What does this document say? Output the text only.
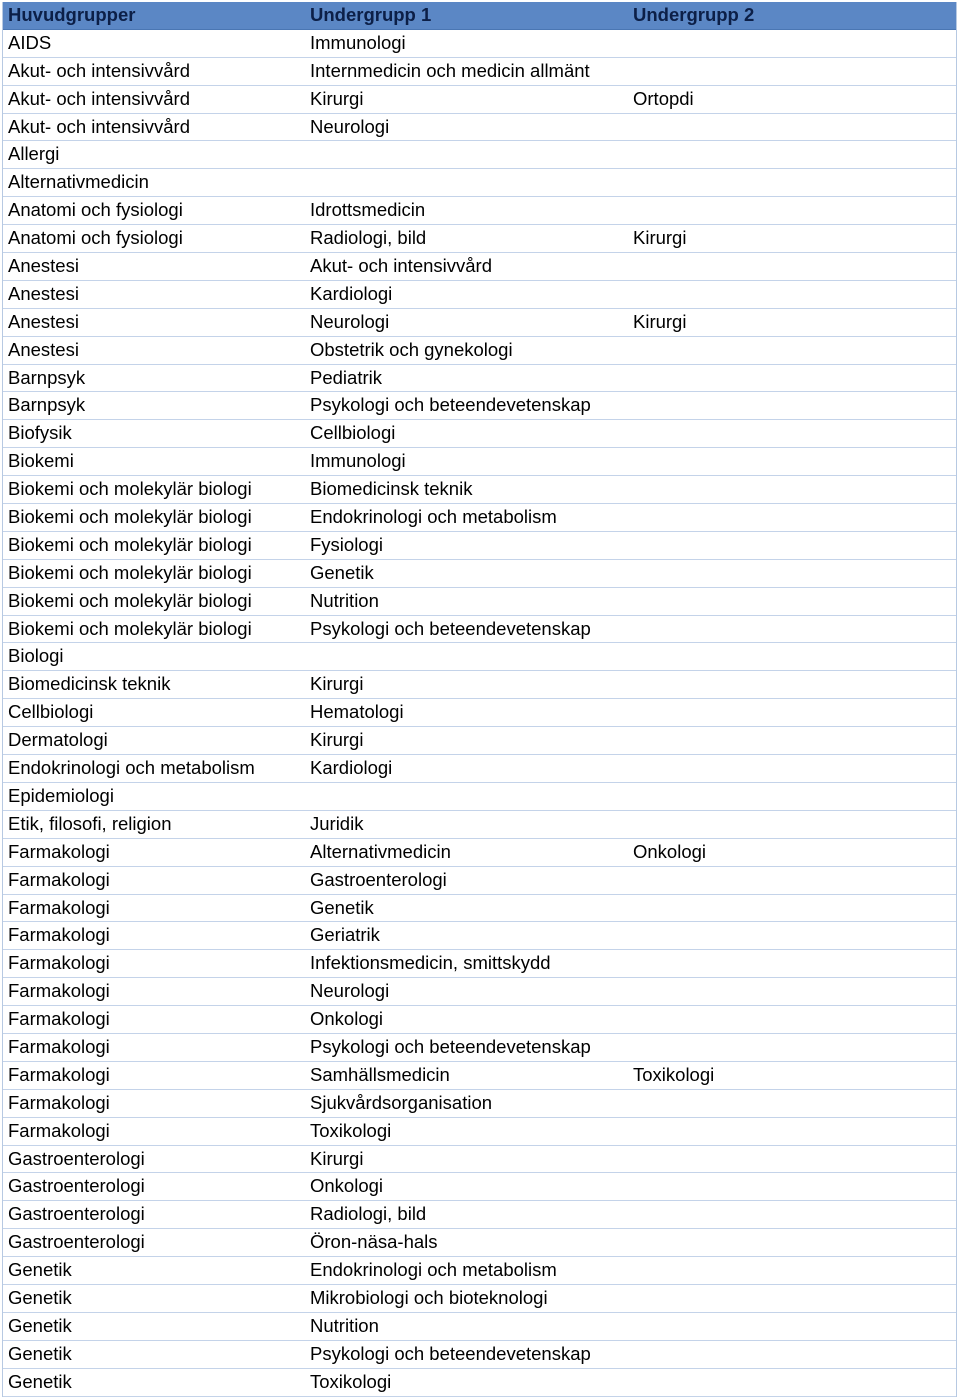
Huvudgrupper	Undergrupp 1	Undergrupp 2
AIDS	Immunologi
Akut- och intensivvård	Internmedicin och medicin allmänt
Akut- och intensivvård	Kirurgi	Ortopdi
Akut- och intensivvård	Neurologi
Allergi
Alternativmedicin
Anatomi och fysiologi	Idrottsmedicin
Anatomi och fysiologi	Radiologi, bild	Kirurgi
Anestesi	Akut- och intensivvård
Anestesi	Kardiologi
Anestesi	Neurologi	Kirurgi
Anestesi	Obstetrik och gynekologi
Barnpsyk	Pediatrik
Barnpsyk	Psykologi och beteendevetenskap
Biofysik	Cellbiologi
Biokemi	Immunologi
Biokemi och molekylär biologi	Biomedicinsk teknik
Biokemi och molekylär biologi	Endokrinologi och metabolism
Biokemi och molekylär biologi	Fysiologi
Biokemi och molekylär biologi	Genetik
Biokemi och molekylär biologi	Nutrition
Biokemi och molekylär biologi	Psykologi och beteendevetenskap
Biologi
Biomedicinsk teknik	Kirurgi
Cellbiologi	Hematologi
Dermatologi	Kirurgi
Endokrinologi och metabolism	Kardiologi
Epidemiologi
Etik, filosofi, religion	Juridik
Farmakologi	Alternativmedicin	Onkologi
Farmakologi	Gastroenterologi
Farmakologi	Genetik
Farmakologi	Geriatrik
Farmakologi	Infektionsmedicin, smittskydd
Farmakologi	Neurologi
Farmakologi	Onkologi
Farmakologi	Psykologi och beteendevetenskap
Farmakologi	Samhällsmedicin	Toxikologi
Farmakologi	Sjukvårdsorganisation
Farmakologi	Toxikologi
Gastroenterologi	Kirurgi
Gastroenterologi	Onkologi
Gastroenterologi	Radiologi, bild
Gastroenterologi	Öron-näsa-hals
Genetik	Endokrinologi och metabolism
Genetik	Mikrobiologi och bioteknologi
Genetik	Nutrition
Genetik	Psykologi och beteendevetenskap
Genetik	Toxikologi
